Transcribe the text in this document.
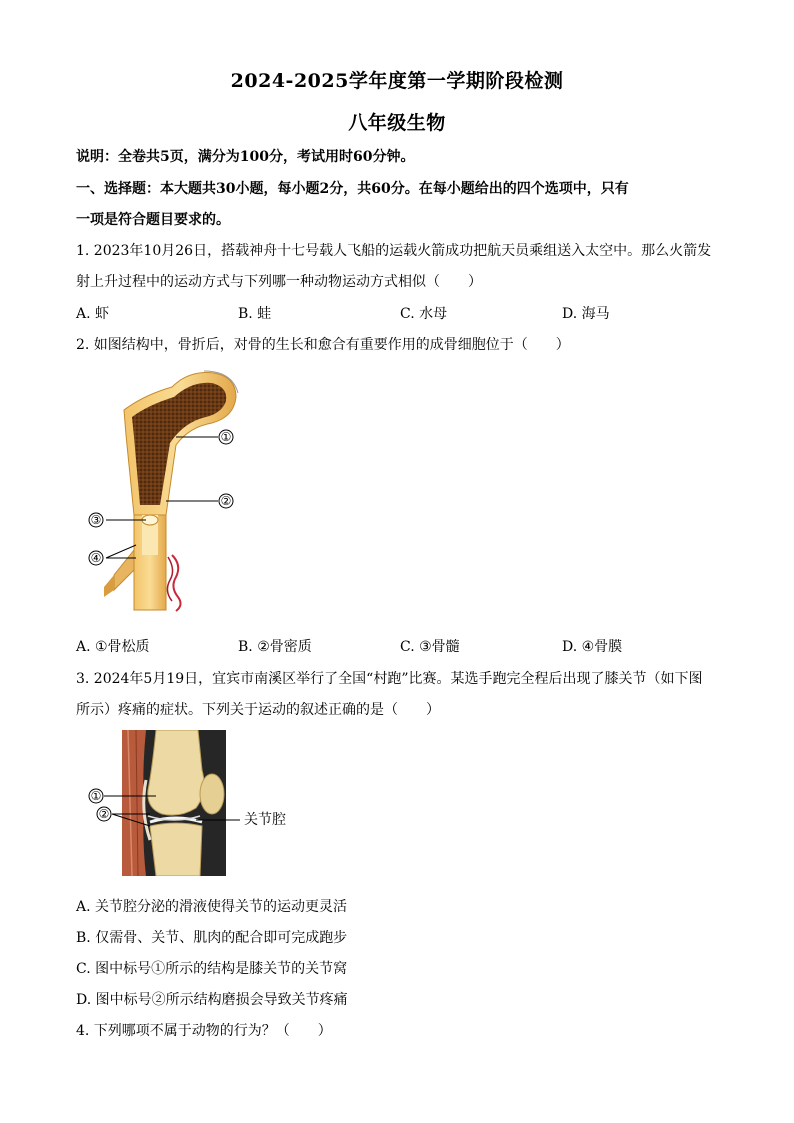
2024-2025学年度第一学期阶段检测
八年级生物
说明：全卷共5页，满分为100分，考试用时60分钟。
一、选择题：本大题共30小题，每小题2分，共60分。在每小题给出的四个选项中，只有
一项是符合题目要求的。
1. 2023年10月26日，搭载神舟十七号载人飞船的运载火箭成功把航天员乘组送入太空中。那么火箭发
射上升过程中的运动方式与下列哪一种动物运动方式相似（　　）
A. 虾	B. 蛙	C. 水母	D. 海马
2. 如图结构中，骨折后，对骨的生长和愈合有重要作用的成骨细胞位于（　　）
①
②
③
④
A. ①骨松质	B. ②骨密质	C. ③骨髓	D. ④骨膜
3. 2024年5月19日，宜宾市南溪区举行了全国“村跑”比赛。某选手跑完全程后出现了膝关节（如下图
所示）疼痛的症状。下列关于运动的叙述正确的是（　　）
①
②	关节腔
A. 关节腔分泌的滑液使得关节的运动更灵活
B. 仅需骨、关节、肌肉的配合即可完成跑步
C. 图中标号①所示的结构是膝关节的关节窝
D. 图中标号②所示结构磨损会导致关节疼痛
4. 下列哪项不属于动物的行为？（　　）
